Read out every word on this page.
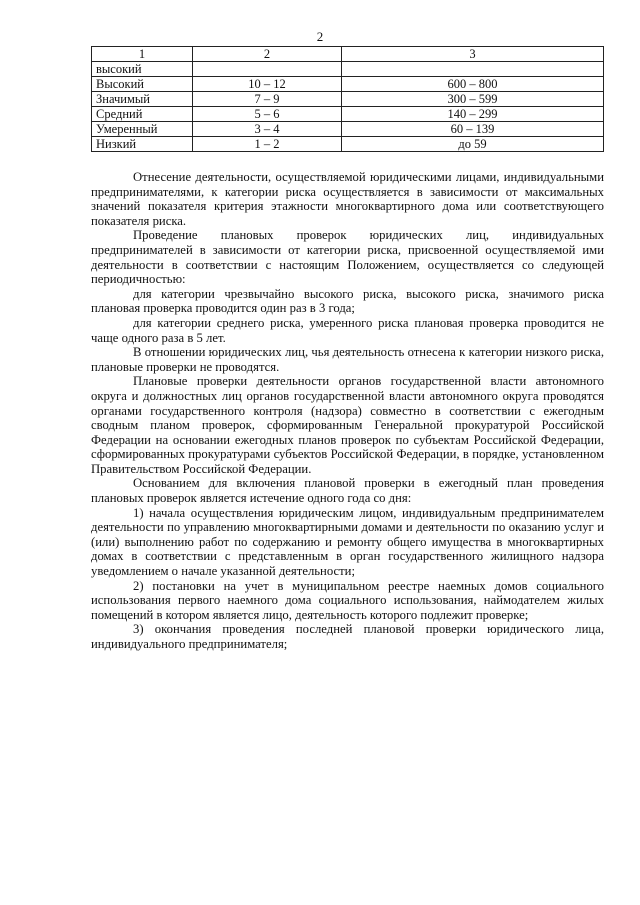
2
1	2	3
высокий		
Высокий	10 – 12	600 – 800
Значимый	7 – 9	300 – 599
Средний	5 – 6	140 – 299
Умеренный	3 – 4	60 – 139
Низкий	1 – 2	до 59

Отнесение деятельности, осуществляемой юридическими лицами, индивидуальными предпринимателями, к категории риска осуществляется в зависимости от максимальных значений показателя критерия этажности многоквартирного дома или соответствующего показателя риска.

Проведение плановых проверок юридических лиц, индивидуальных предпринимателей в зависимости от категории риска, присвоенной осуществляемой ими деятельности в соответствии с настоящим Положением, осуществляется со следующей периодичностью:

для категории чрезвычайно высокого риска, высокого риска, значимого риска плановая проверка проводится один раз в 3 года;

для категории среднего риска, умеренного риска плановая проверка проводится не чаще одного раза в 5 лет.

В отношении юридических лиц, чья деятельность отнесена к категории низкого риска, плановые проверки не проводятся.

Плановые проверки деятельности органов государственной власти автономного округа и должностных лиц органов государственной власти автономного округа проводятся органами государственного контроля (надзора) совместно в соответствии с ежегодным сводным планом проверок, сформированным Генеральной прокуратурой Российской Федерации на основании ежегодных планов проверок по субъектам Российской Федерации, сформированных прокуратурами субъектов Российской Федерации, в порядке, установленном Правительством Российской Федерации.

Основанием для включения плановой проверки в ежегодный план проведения плановых проверок является истечение одного года со дня:

1) начала осуществления юридическим лицом, индивидуальным предпринимателем деятельности по управлению многоквартирными домами и деятельности по оказанию услуг и (или) выполнению работ по содержанию и ремонту общего имущества в многоквартирных домах в соответствии с представленным в орган государственного жилищного надзора уведомлением о начале указанной деятельности;

2) постановки на учет в муниципальном реестре наемных домов социального использования первого наемного дома социального использования, наймодателем жилых помещений в котором является лицо, деятельность которого подлежит проверке;

3) окончания проведения последней плановой проверки юридического лица, индивидуального предпринимателя;
